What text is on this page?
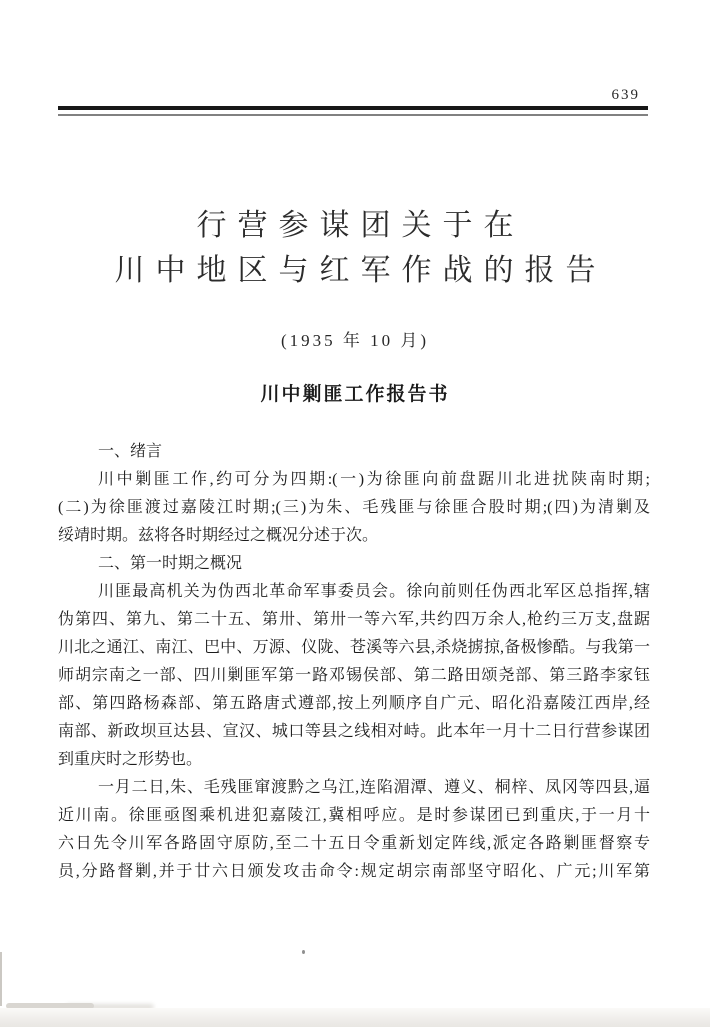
639
行营参谋团关于在
川中地区与红军作战的报告
(1935 年 10 月)
川中剿匪工作报告书
一、绪言
川中剿匪工作,约可分为四期:(一)为徐匪向前盘踞川北进扰陕南时期;
(二)为徐匪渡过嘉陵江时期;(三)为朱、毛残匪与徐匪合股时期;(四)为清剿及
绥靖时期。兹将各时期经过之概况分述于次。
二、第一时期之概况
川匪最高机关为伪西北革命军事委员会。徐向前则任伪西北军区总指挥,辖
伪第四、第九、第二十五、第卅、第卅一等六军,共约四万余人,枪约三万支,盘踞
川北之通江、南江、巴中、万源、仪陇、苍溪等六县,杀烧掳掠,备极惨酷。与我第一
师胡宗南之一部、四川剿匪军第一路邓锡侯部、第二路田颂尧部、第三路李家钰
部、第四路杨森部、第五路唐式遵部,按上列顺序自广元、昭化沿嘉陵江西岸,经
南部、新政坝亘达县、宣汉、城口等县之线相对峙。此本年一月十二日行营参谋团
到重庆时之形势也。
一月二日,朱、毛残匪窜渡黔之乌江,连陷湄潭、遵义、桐梓、凤冈等四县,逼
近川南。徐匪亟图乘机进犯嘉陵江,冀相呼应。是时参谋团已到重庆,于一月十
六日先令川军各路固守原防,至二十五日令重新划定阵线,派定各路剿匪督察专
员,分路督剿,并于廿六日颁发攻击命令:规定胡宗南部坚守昭化、广元;川军第
